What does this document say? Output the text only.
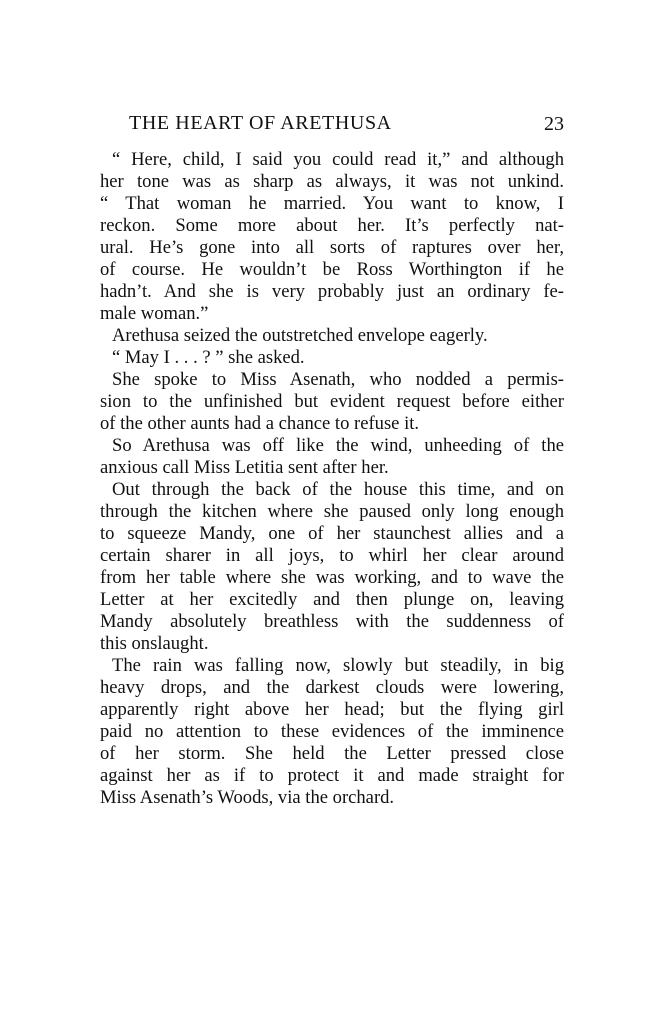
THE HEART OF ARETHUSA	23
“ Here, child, I said you could read it,” and although
her tone was as sharp as always, it was not unkind.
“ That woman he married. You want to know, I
reckon. Some more about her. It’s perfectly nat-
ural. He’s gone into all sorts of raptures over her,
of course. He wouldn’t be Ross Worthington if he
hadn’t. And she is very probably just an ordinary fe-
male woman.”
Arethusa seized the outstretched envelope eagerly.
“ May I . . . ? ” she asked.
She spoke to Miss Asenath, who nodded a permis-
sion to the unfinished but evident request before either
of the other aunts had a chance to refuse it.
So Arethusa was off like the wind, unheeding of the
anxious call Miss Letitia sent after her.
Out through the back of the house this time, and on
through the kitchen where she paused only long enough
to squeeze Mandy, one of her staunchest allies and a
certain sharer in all joys, to whirl her clear around
from her table where she was working, and to wave the
Letter at her excitedly and then plunge on, leaving
Mandy absolutely breathless with the suddenness of
this onslaught.
The rain was falling now, slowly but steadily, in big
heavy drops, and the darkest clouds were lowering,
apparently right above her head; but the flying girl
paid no attention to these evidences of the imminence
of her storm. She held the Letter pressed close
against her as if to protect it and made straight for
Miss Asenath’s Woods, via the orchard.
